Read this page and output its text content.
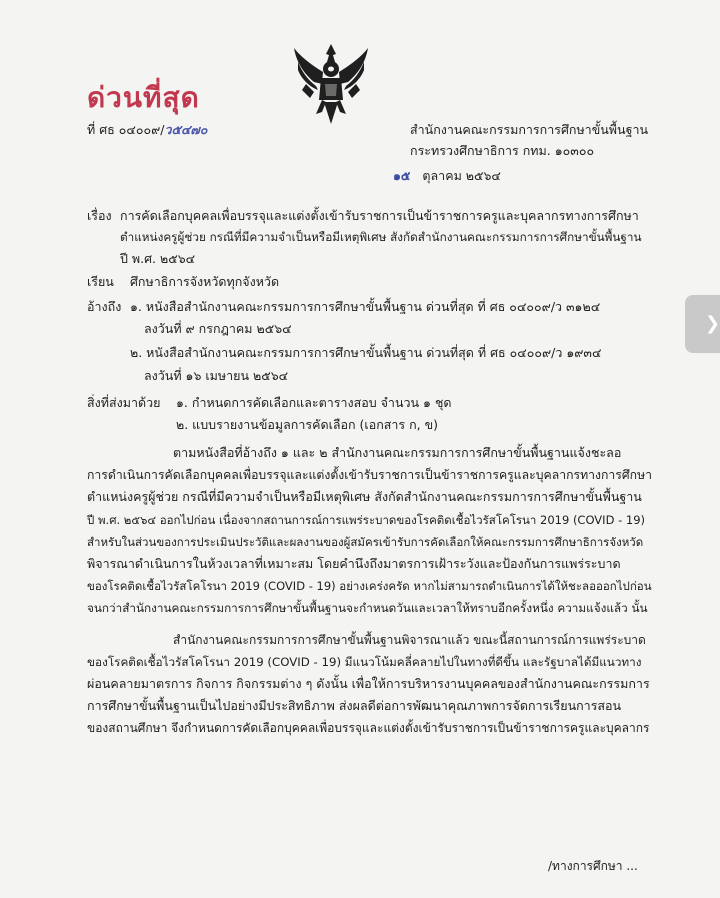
ด่วนที่สุด
ที่ ศธ ๐๔๐๐๙/ว๕๔๗๐	สำนักงานคณะกรรมการการศึกษาขั้นพื้นฐาน
กระทรวงศึกษาธิการ กทม. ๑๐๓๐๐
๑๕ ตุลาคม ๒๕๖๔
เรื่อง การคัดเลือกบุคคลเพื่อบรรจุและแต่งตั้งเข้ารับราชการเป็นข้าราชการครูและบุคลากรทางการศึกษา
ตำแหน่งครูผู้ช่วย กรณีที่มีความจำเป็นหรือมีเหตุพิเศษ สังกัดสำนักงานคณะกรรมการการศึกษาขั้นพื้นฐาน
ปี พ.ศ. ๒๕๖๔
เรียน ศึกษาธิการจังหวัดทุกจังหวัด
อ้างถึง ๑. หนังสือสำนักงานคณะกรรมการการศึกษาขั้นพื้นฐาน ด่วนที่สุด ที่ ศธ ๐๔๐๐๙/ว ๓๑๒๔
ลงวันที่ ๙ กรกฎาคม ๒๕๖๔
๒. หนังสือสำนักงานคณะกรรมการการศึกษาขั้นพื้นฐาน ด่วนที่สุด ที่ ศธ ๐๔๐๐๙/ว ๑๙๓๔
ลงวันที่ ๑๖ เมษายน ๒๕๖๔
สิ่งที่ส่งมาด้วย ๑. กำหนดการคัดเลือกและตารางสอบ จำนวน ๑ ชุด
๒. แบบรายงานข้อมูลการคัดเลือก (เอกสาร ก, ข)
ตามหนังสือที่อ้างถึง ๑ และ ๒ สำนักงานคณะกรรมการการศึกษาขั้นพื้นฐานแจ้งชะลอ
การดำเนินการคัดเลือกบุคคลเพื่อบรรจุและแต่งตั้งเข้ารับราชการเป็นข้าราชการครูและบุคลากรทางการศึกษา
ตำแหน่งครูผู้ช่วย กรณีที่มีความจำเป็นหรือมีเหตุพิเศษ สังกัดสำนักงานคณะกรรมการการศึกษาขั้นพื้นฐาน
ปี พ.ศ. ๒๕๖๔ ออกไปก่อน เนื่องจากสถานการณ์การแพร่ระบาดของโรคติดเชื้อไวรัสโคโรนา 2019 (COVID - 19)
สำหรับในส่วนของการประเมินประวัติและผลงานของผู้สมัครเข้ารับการคัดเลือกให้คณะกรรมการศึกษาธิการจังหวัด
พิจารณาดำเนินการในห้วงเวลาที่เหมาะสม โดยคำนึงถึงมาตรการเฝ้าระวังและป้องกันการแพร่ระบาด
ของโรคติดเชื้อไวรัสโคโรนา 2019 (COVID - 19) อย่างเคร่งครัด หากไม่สามารถดำเนินการได้ให้ชะลอออกไปก่อน
จนกว่าสำนักงานคณะกรรมการการศึกษาขั้นพื้นฐานจะกำหนดวันและเวลาให้ทราบอีกครั้งหนึ่ง ความแจ้งแล้ว นั้น
สำนักงานคณะกรรมการการศึกษาขั้นพื้นฐานพิจารณาแล้ว ขณะนี้สถานการณ์การแพร่ระบาด
ของโรคติดเชื้อไวรัสโคโรนา 2019 (COVID - 19) มีแนวโน้มคลี่คลายไปในทางที่ดีขึ้น และรัฐบาลได้มีแนวทาง
ผ่อนคลายมาตรการ กิจการ กิจกรรมต่าง ๆ ดังนั้น เพื่อให้การบริหารงานบุคคลของสำนักงานคณะกรรมการ
การศึกษาขั้นพื้นฐานเป็นไปอย่างมีประสิทธิภาพ ส่งผลดีต่อการพัฒนาคุณภาพการจัดการเรียนการสอน
ของสถานศึกษา จึงกำหนดการคัดเลือกบุคคลเพื่อบรรจุและแต่งตั้งเข้ารับราชการเป็นข้าราชการครูและบุคลากร
/ทางการศึกษา ...
❯
